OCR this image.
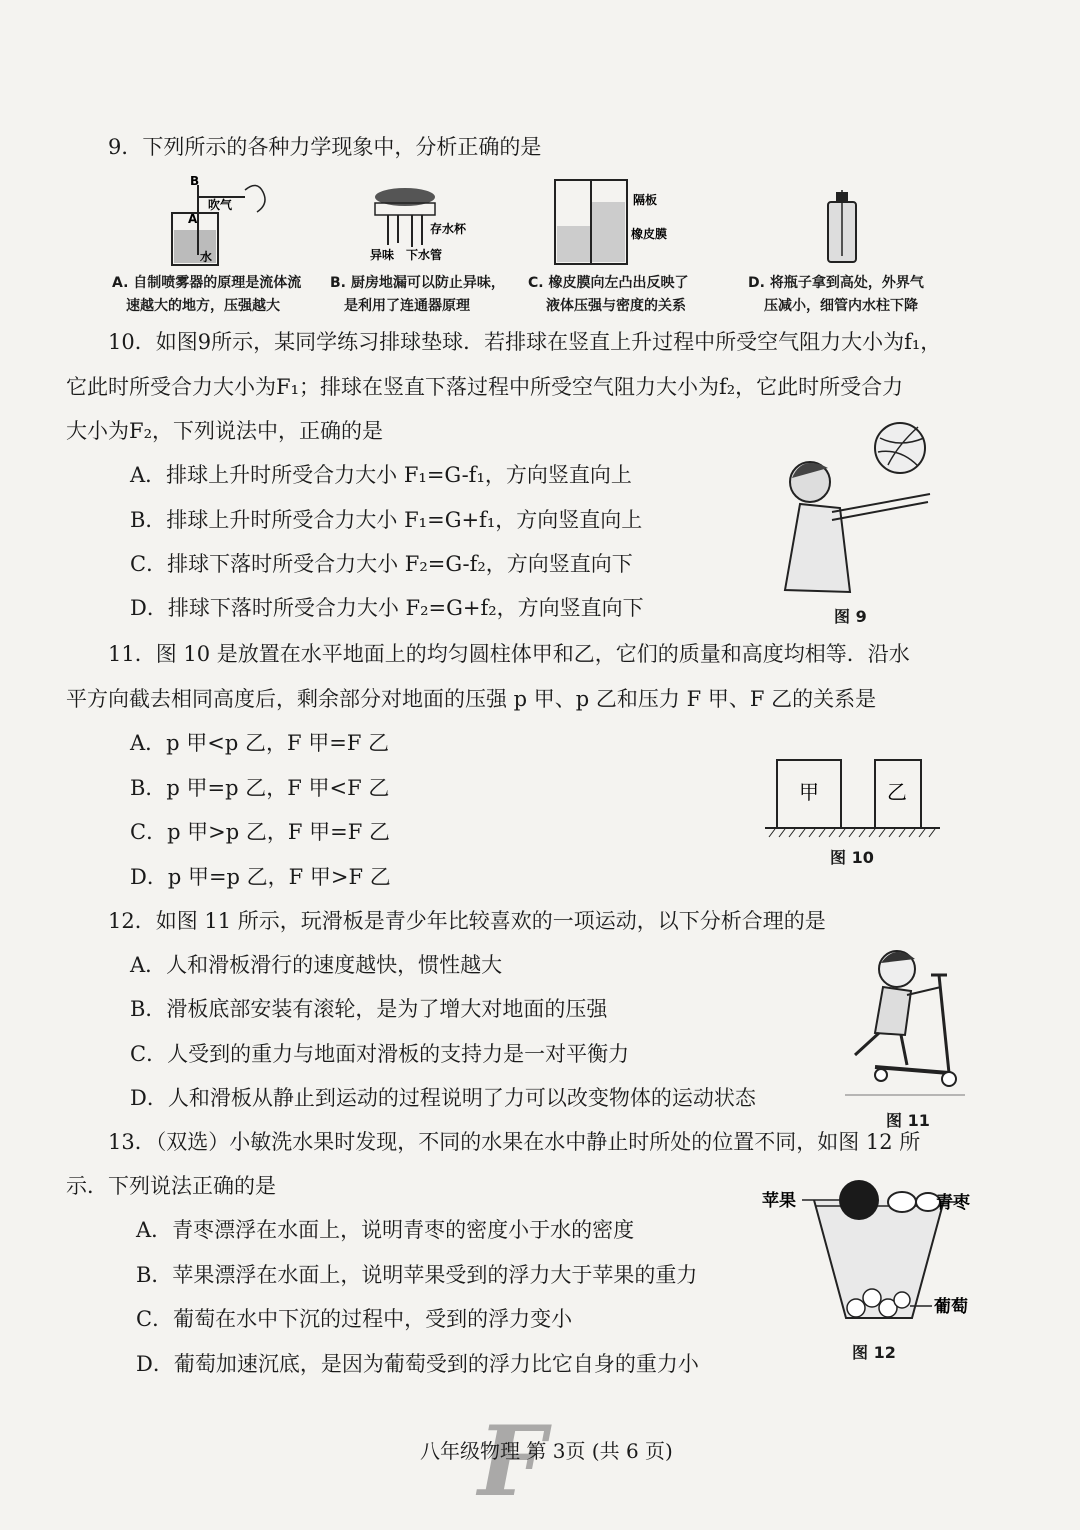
9．下列所示的各种力学现象中，分析正确的是
B
吹气
A
水
存水杯
异味 下水管
隔板
橡皮膜
A. 自制喷雾器的原理是流体流
速越大的地方，压强越大
B. 厨房地漏可以防止异味，
是利用了连通器原理
C. 橡皮膜向左凸出反映了
液体压强与密度的关系
D. 将瓶子拿到高处，外界气
压减小，细管内水柱下降
10．如图9所示，某同学练习排球垫球．若排球在竖直上升过程中所受空气阻力大小为f₁，
它此时所受合力大小为F₁；排球在竖直下落过程中所受空气阻力大小为f₂，它此时所受合力
大小为F₂，下列说法中，正确的是
A．排球上升时所受合力大小 F₁=G-f₁，方向竖直向上
B．排球上升时所受合力大小 F₁=G+f₁，方向竖直向上
C．排球下落时所受合力大小 F₂=G-f₂，方向竖直向下
D．排球下落时所受合力大小 F₂=G+f₂，方向竖直向下	图 9
11．图 10 是放置在水平地面上的均匀圆柱体甲和乙，它们的质量和高度均相等．沿水
平方向截去相同高度后，剩余部分对地面的压强 p 甲、p 乙和压力 F 甲、F 乙的关系是
A．p 甲<p 乙，F 甲=F 乙
B．p 甲=p 乙，F 甲<F 乙
C．p 甲>p 乙，F 甲=F 乙
D．p 甲=p 乙，F 甲>F 乙
甲	乙
图 10
12．如图 11 所示，玩滑板是青少年比较喜欢的一项运动，以下分析合理的是
A．人和滑板滑行的速度越快，惯性越大
B．滑板底部安装有滚轮，是为了增大对地面的压强
C．人受到的重力与地面对滑板的支持力是一对平衡力
D．人和滑板从静止到运动的过程说明了力可以改变物体的运动状态
图 11
13．（双选）小敏洗水果时发现，不同的水果在水中静止时所处的位置不同，如图 12 所
示．下列说法正确的是
A．青枣漂浮在水面上，说明青枣的密度小于水的密度
B．苹果漂浮在水面上，说明苹果受到的浮力大于苹果的重力
C．葡萄在水中下沉的过程中，受到的浮力变小
D．葡萄加速沉底，是因为葡萄受到的浮力比它自身的重力小
苹果	青枣
葡萄
图 12
F
八年级物理 第 3页 (共 6 页)
